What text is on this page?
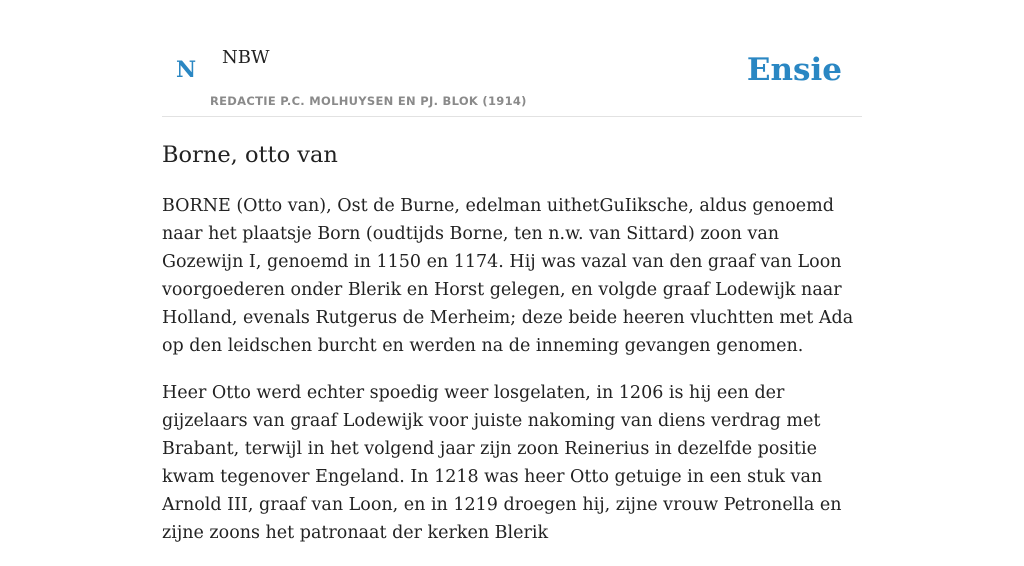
N NBW
REDACTIE P.C. MOLHUYSEN EN PJ. BLOK (1914)
Ensie
Borne, otto van

BORNE (Otto van), Ost de Burne, edelman uithetGuIiksche, aldus genoemd naar het plaatsje Born (oudtijds Borne, ten n.w. van Sittard) zoon van Gozewijn I, genoemd in 1150 en 1174. Hij was vazal van den graaf van Loon voorgoederen onder Blerik en Horst gelegen, en volgde graaf Lodewijk naar Holland, evenals Rutgerus de Merheim; deze beide heeren vluchtten met Ada op den leidschen burcht en werden na de inneming gevangen genomen.

Heer Otto werd echter spoedig weer losgelaten, in 1206 is hij een der gijzelaars van graaf Lodewijk voor juiste nakoming van diens verdrag met Brabant, terwijl in het volgend jaar zijn zoon Reinerius in dezelfde positie kwam tegenover Engeland. In 1218 was heer Otto getuige in een stuk van Arnold III, graaf van Loon, en in 1219 droegen hij, zijne vrouw Petronella en zijne zoons het patronaat der kerken Blerik
